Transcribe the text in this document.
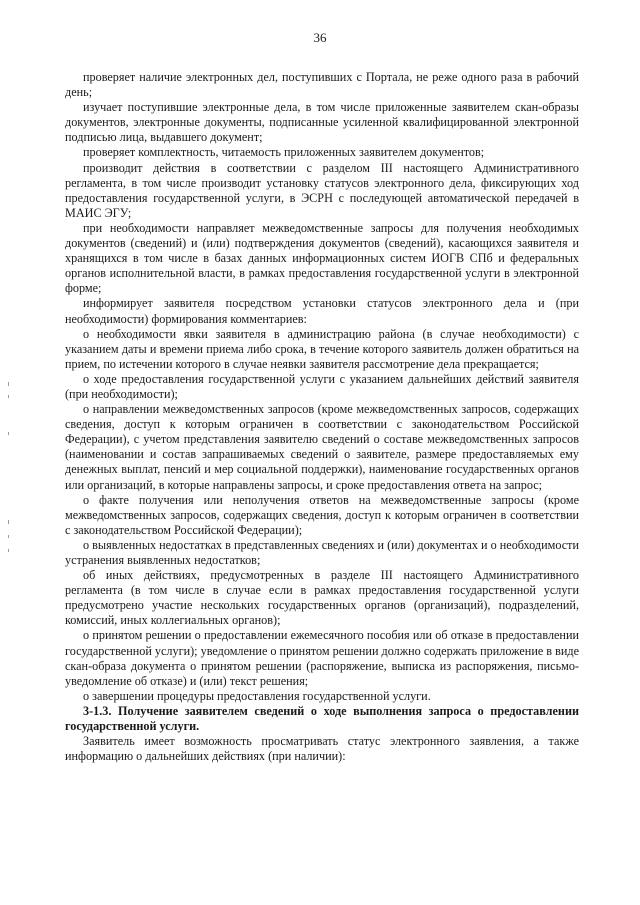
36

проверяет наличие электронных дел, поступивших с Портала, не реже одного раза в рабочий день;

изучает поступившие электронные дела, в том числе приложенные заявителем скан-образы документов, электронные документы, подписанные усиленной квалифицированной электронной подписью лица, выдавшего документ;

проверяет комплектность, читаемость приложенных заявителем документов;

производит действия в соответствии с разделом III настоящего Административного регламента, в том числе производит установку статусов электронного дела, фиксирующих ход предоставления государственной услуги, в ЭСРН с последующей автоматической передачей в МАИС ЭГУ;

при необходимости направляет межведомственные запросы для получения необходимых документов (сведений) и (или) подтверждения документов (сведений), касающихся заявителя и хранящихся в том числе в базах данных информационных систем ИОГВ СПб и федеральных органов исполнительной власти, в рамках предоставления государственной услуги в электронной форме;

информирует заявителя посредством установки статусов электронного дела и (при необходимости) формирования комментариев:

о необходимости явки заявителя в администрацию района (в случае необходимости) с указанием даты и времени приема либо срока, в течение которого заявитель должен обратиться на прием, по истечении которого в случае неявки заявителя рассмотрение дела прекращается;

о ходе предоставления государственной услуги с указанием дальнейших действий заявителя (при необходимости);

о направлении межведомственных запросов (кроме межведомственных запросов, содержащих сведения, доступ к которым ограничен в соответствии с законодательством Российской Федерации), с учетом представления заявителю сведений о составе межведомственных запросов (наименовании и состав запрашиваемых сведений о заявителе, размере предоставляемых ему денежных выплат, пенсий и мер социальной поддержки), наименование государственных органов или организаций, в которые направлены запросы, и сроке предоставления ответа на запрос;

о факте получения или неполучения ответов на межведомственные запросы (кроме межведомственных запросов, содержащих сведения, доступ к которым ограничен в соответствии с законодательством Российской Федерации);

о выявленных недостатках в представленных сведениях и (или) документах и о необходимости устранения выявленных недостатков;

об иных действиях, предусмотренных в разделе III настоящего Административного регламента (в том числе в случае если в рамках предоставления государственной услуги предусмотрено участие нескольких государственных органов (организаций), подразделений, комиссий, иных коллегиальных органов);

о принятом решении о предоставлении ежемесячного пособия или об отказе в предоставлении государственной услуги); уведомление о принятом решении должно содержать приложение в виде скан-образа документа о принятом решении (распоряжение, выписка из распоряжения, письмо-уведомление об отказе) и (или) текст решения;

о завершении процедуры предоставления государственной услуги.

3-1.3. Получение заявителем сведений о ходе выполнения запроса о предоставлении государственной услуги.

Заявитель имеет возможность просматривать статус электронного заявления, а также информацию о дальнейших действиях (при наличии):
